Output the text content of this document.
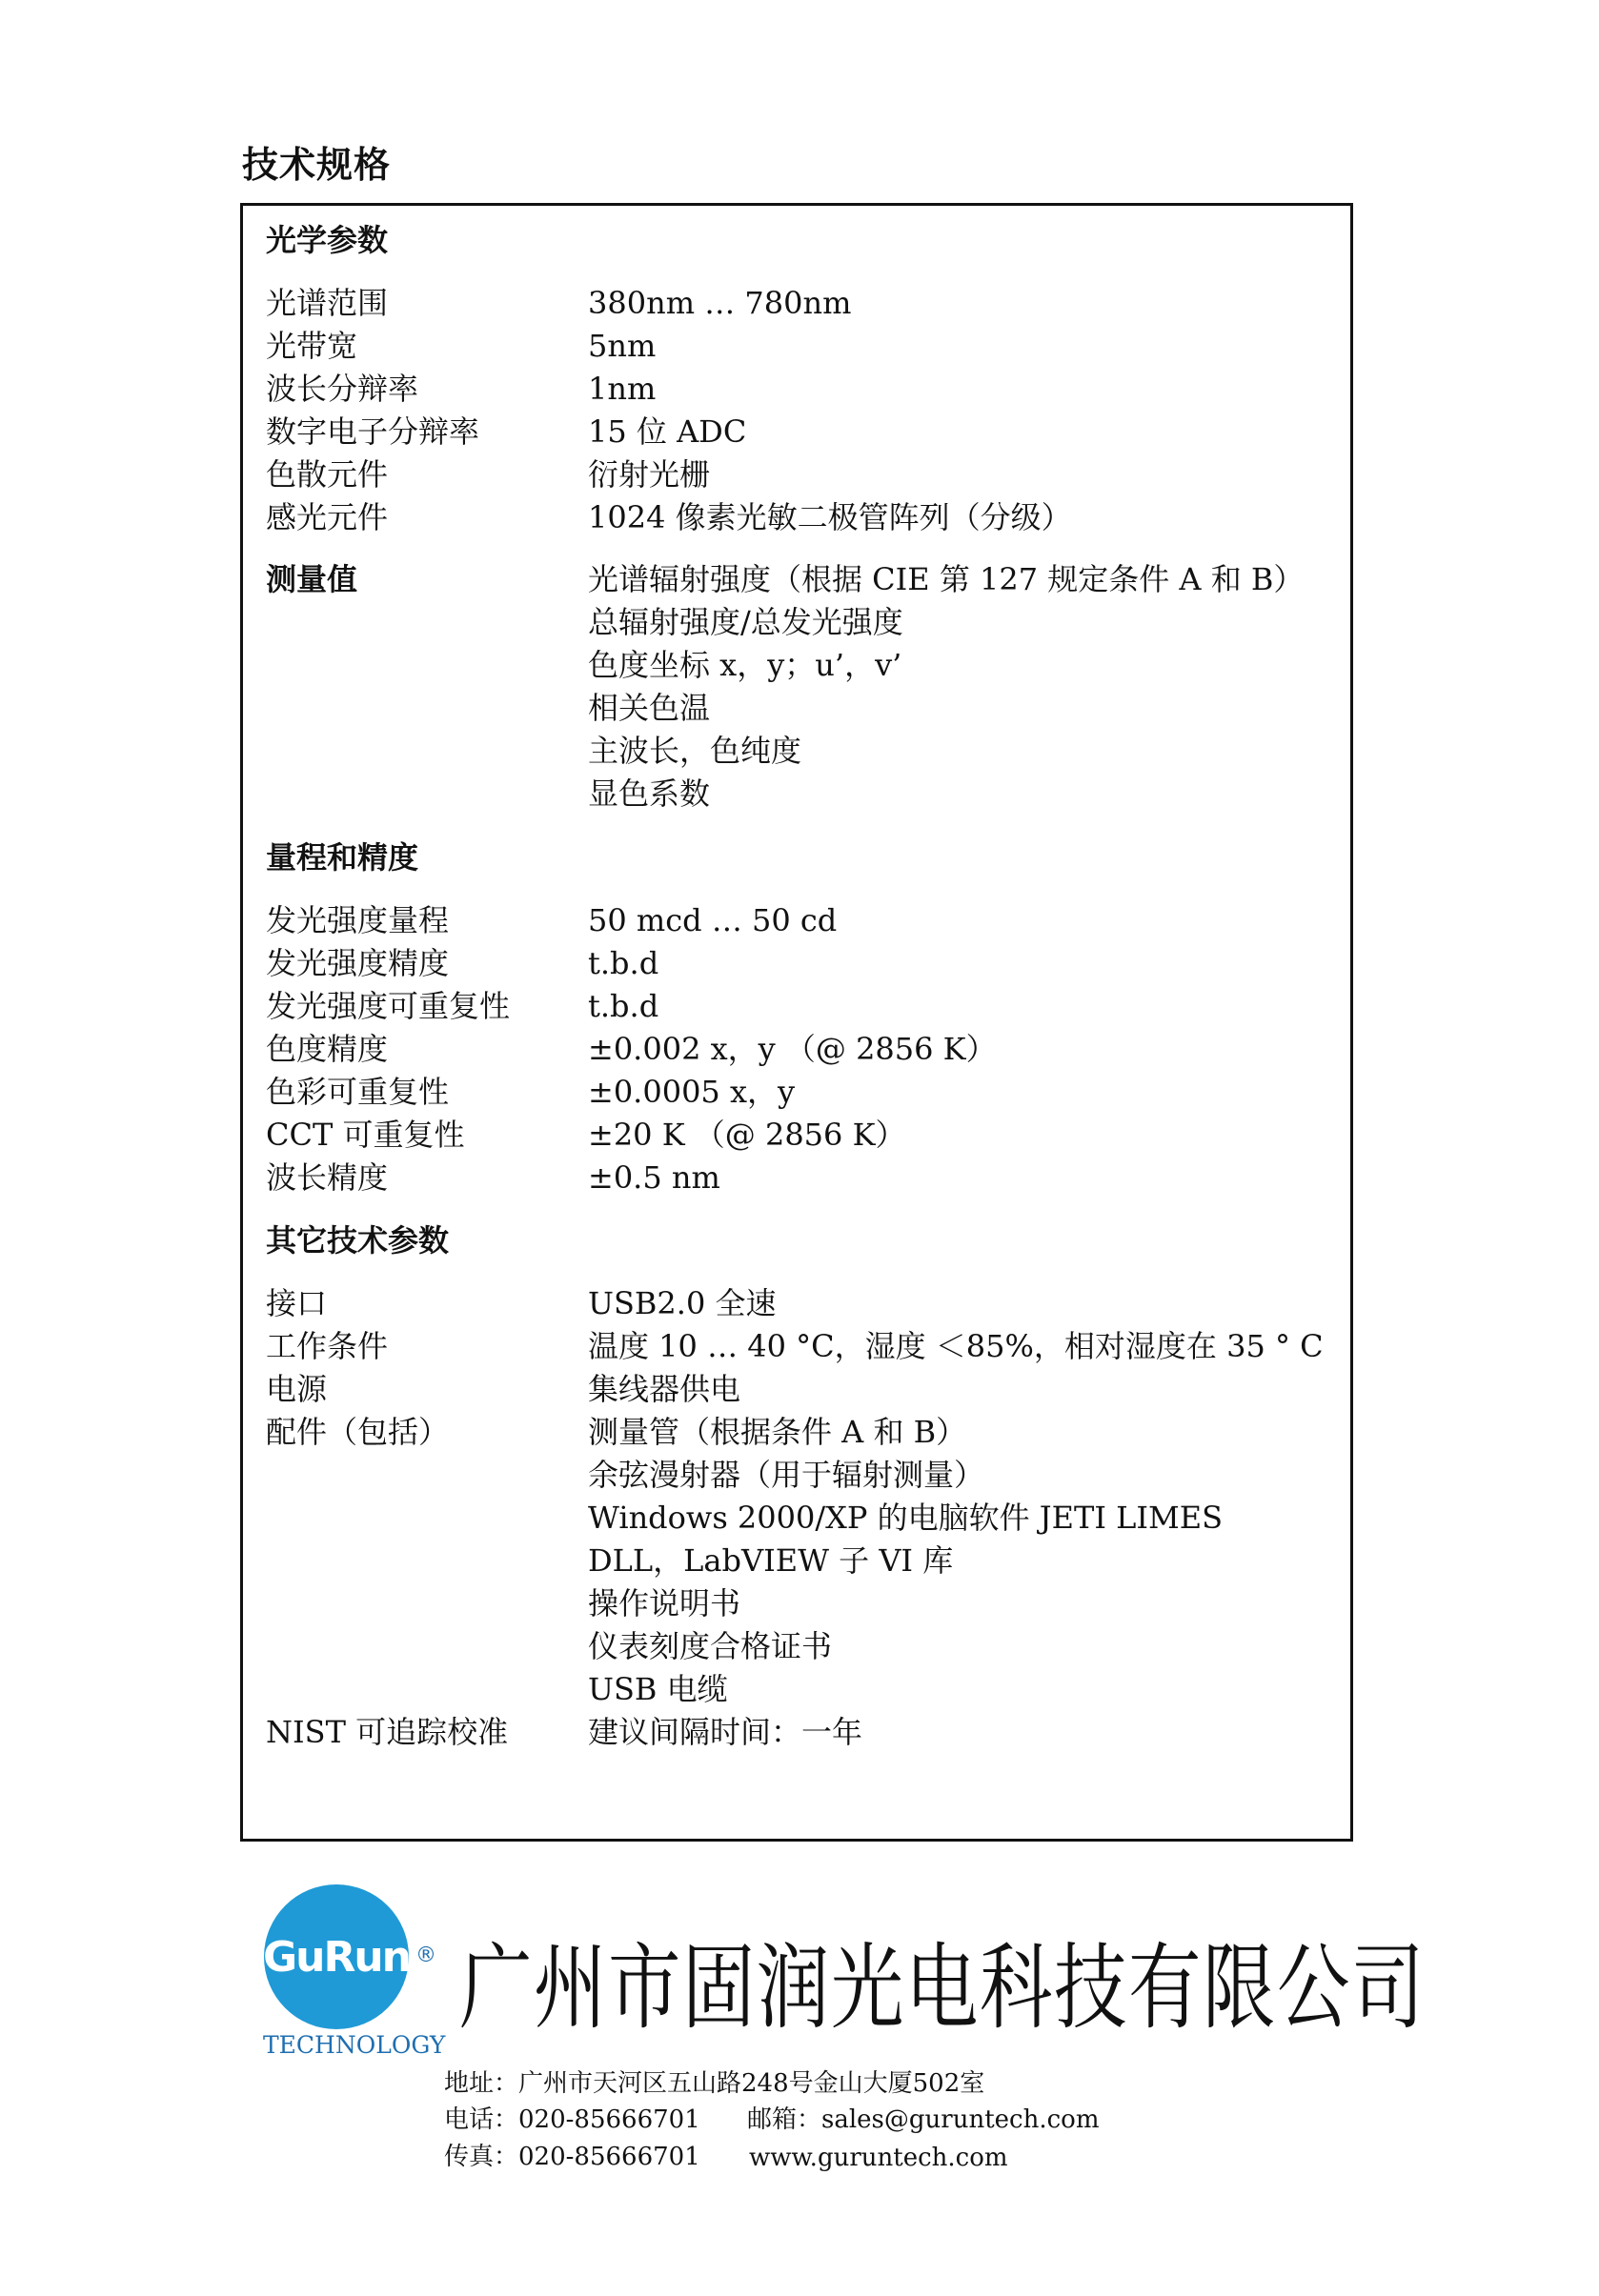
技术规格
光学参数
光谱范围	380nm … 780nm
光带宽	5nm
波长分辩率	1nm
数字电子分辩率	15 位 ADC
色散元件	衍射光栅
感光元件	1024 像素光敏二极管阵列（分级）
测量值	光谱辐射强度（根据 CIE 第 127 规定条件 A 和 B）
总辐射强度/总发光强度
色度坐标 x，y；u’，v’
相关色温
主波长，色纯度
显色系数
量程和精度
发光强度量程	50 mcd … 50 cd
发光强度精度	t.b.d
发光强度可重复性	t.b.d
色度精度	±0.002 x，y （@ 2856 K）
色彩可重复性	±0.0005 x，y
CCT 可重复性	±20 K （@ 2856 K）
波长精度	±0.5 nm
其它技术参数
接口	USB2.0 全速
工作条件	温度 10 … 40 °C，湿度 ＜85%，相对湿度在 35 ° C
电源	集线器供电
配件（包括）	测量管（根据条件 A 和 B）
余弦漫射器（用于辐射测量）
Windows 2000/XP 的电脑软件 JETI LIMES
DLL，LabVIEW 子 VI 库
操作说明书
仪表刻度合格证书
USB 电缆
NIST 可追踪校准	建议间隔时间：一年
GuRun ®
TECHNOLOGY
广州市固润光电科技有限公司
地址：广州市天河区五山路248号金山大厦502室
电话：020-85666701 邮箱：sales@guruntech.com
传真：020-85666701 www.guruntech.com
